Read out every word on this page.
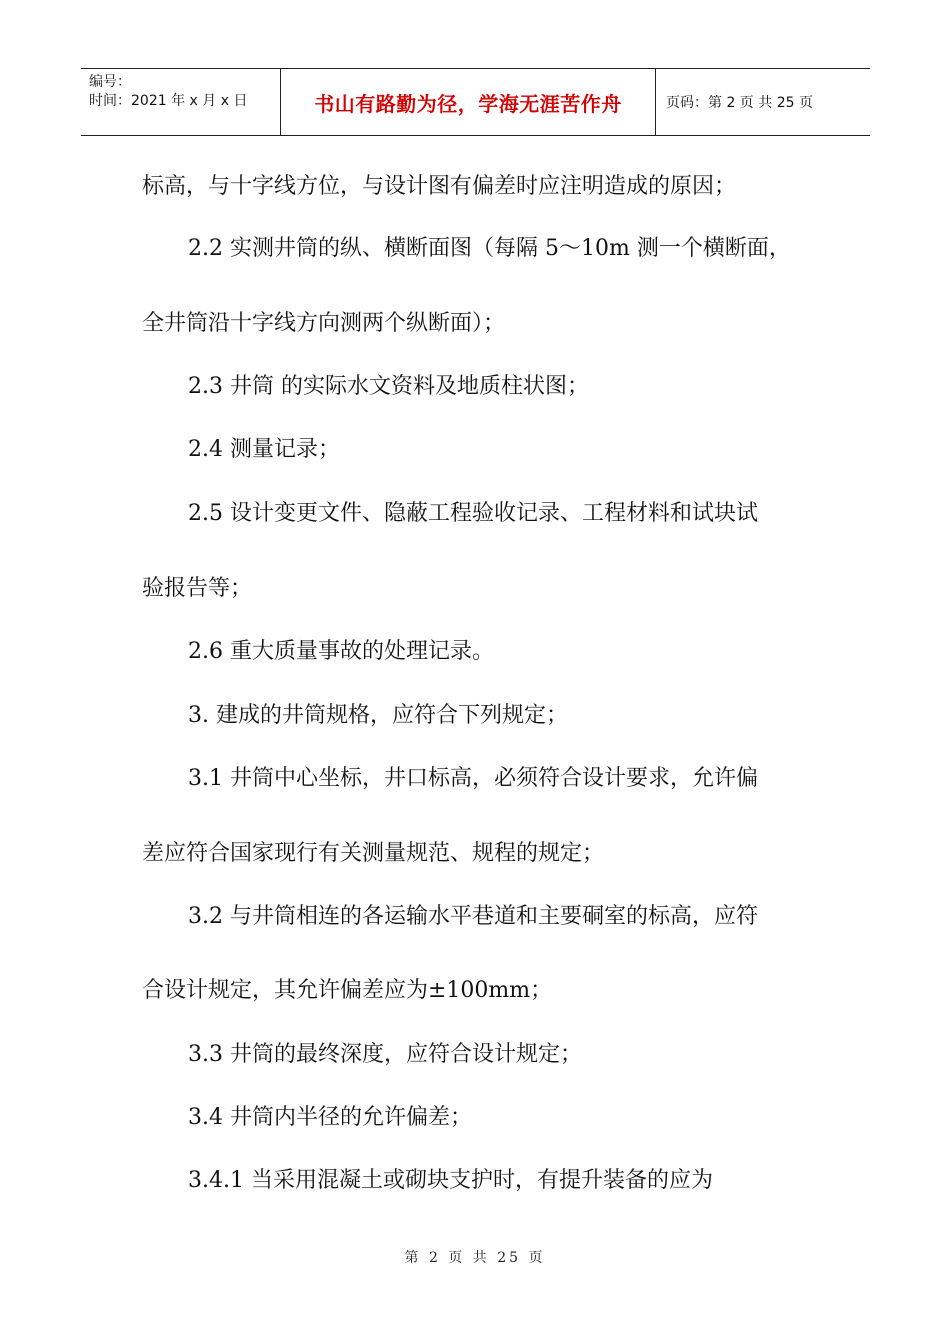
编号：
时间：2021 年 x 月 x 日	书山有路勤为径，学海无涯苦作舟	页码：第 2 页 共 25 页
标高，与十字线方位，与设计图有偏差时应注明造成的原因；
2.2 实测井筒的纵、横断面图（每隔 5～10m 测一个横断面，
全井筒沿十字线方向测两个纵断面）；
2.3 井筒 的实际水文资料及地质柱状图；
2.4 测量记录；
2.5 设计变更文件、隐蔽工程验收记录、工程材料和试块试
验报告等；
2.6 重大质量事故的处理记录。
3. 建成的井筒规格，应符合下列规定；
3.1 井筒中心坐标，井口标高，必须符合设计要求，允许偏
差应符合国家现行有关测量规范、规程的规定；
3.2 与井筒相连的各运输水平巷道和主要硐室的标高，应符
合设计规定，其允许偏差应为±100mm；
3.3 井筒的最终深度，应符合设计规定；
3.4 井筒内半径的允许偏差；
3.4.1 当采用混凝土或砌块支护时，有提升装备的应为
第 2 页 共 25 页
